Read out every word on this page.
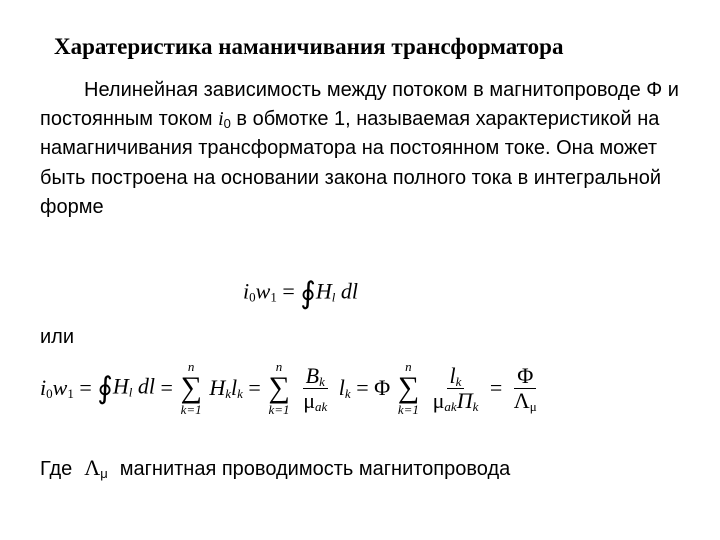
Харатеристика наманичивания трансформатора
Нелинейная зависимость между потоком в магнитопроводе Φ и постоянным током $i_0$ в обмотке 1, называемая характеристикой на намагничивания трансформатора на постоянном токе. Она может быть построена на основании закона полного тока в интегральной форме
$i_0w_1$ = $∮H_l$ dl
или
$i_0w_1$ = $∮H_l$ dl =
n
∑
k=1
$H_kl_k$ =
n
∑
k=1
$\frac{B_k}{\mu_{ak}} l_k = \Phi$
n
∑
k=1
$\frac{l_k}{\mu_{ak}П_k} = \frac{\Phi}{\Lambda_\mu}$
Где $\Lambda_\mu$ магнитная проводимость магнитопровода
